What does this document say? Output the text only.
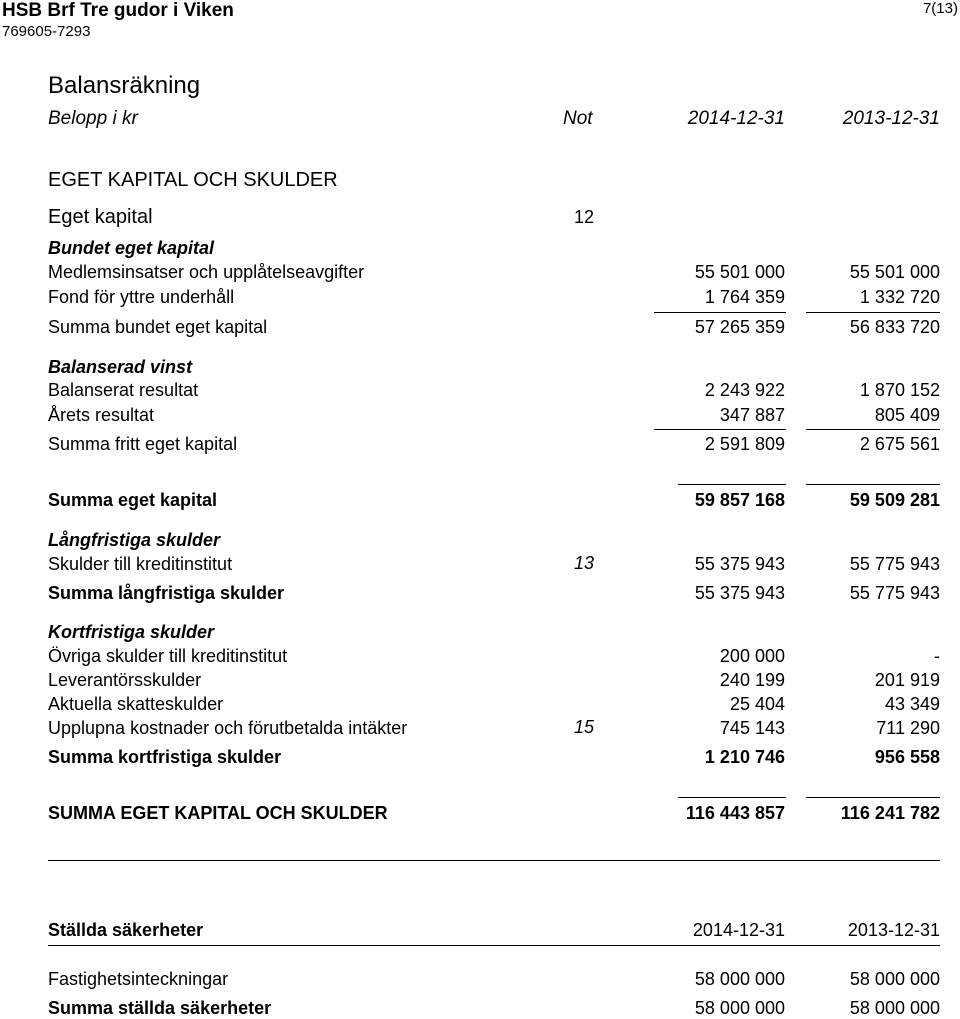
HSB Brf Tre gudor i Viken
769605-7293
7(13)
Balansräkning
Belopp i kr	Not	2014-12-31	2013-12-31
EGET KAPITAL OCH SKULDER
Eget kapital	12
Bundet eget kapital
Medlemsinsatser och upplåtelseavgifter	55 501 000	55 501 000
Fond för yttre underhåll	1 764 359	1 332 720
Summa bundet eget kapital	57 265 359	56 833 720
Balanserad vinst
Balanserat resultat	2 243 922	1 870 152
Årets resultat	347 887	805 409
Summa fritt eget kapital	2 591 809	2 675 561
Summa eget kapital	59 857 168	59 509 281
Långfristiga skulder
Skulder till kreditinstitut	13	55 375 943	55 775 943
Summa långfristiga skulder	55 375 943	55 775 943
Kortfristiga skulder
Övriga skulder till kreditinstitut	200 000	-
Leverantörsskulder	240 199	201 919
Aktuella skatteskulder	25 404	43 349
Upplupna kostnader och förutbetalda intäkter	15	745 143	711 290
Summa kortfristiga skulder	1 210 746	956 558
SUMMA EGET KAPITAL OCH SKULDER	116 443 857	116 241 782
Ställda säkerheter	2014-12-31	2013-12-31
Fastighetsinteckningar	58 000 000	58 000 000
Summa ställda säkerheter	58 000 000	58 000 000
